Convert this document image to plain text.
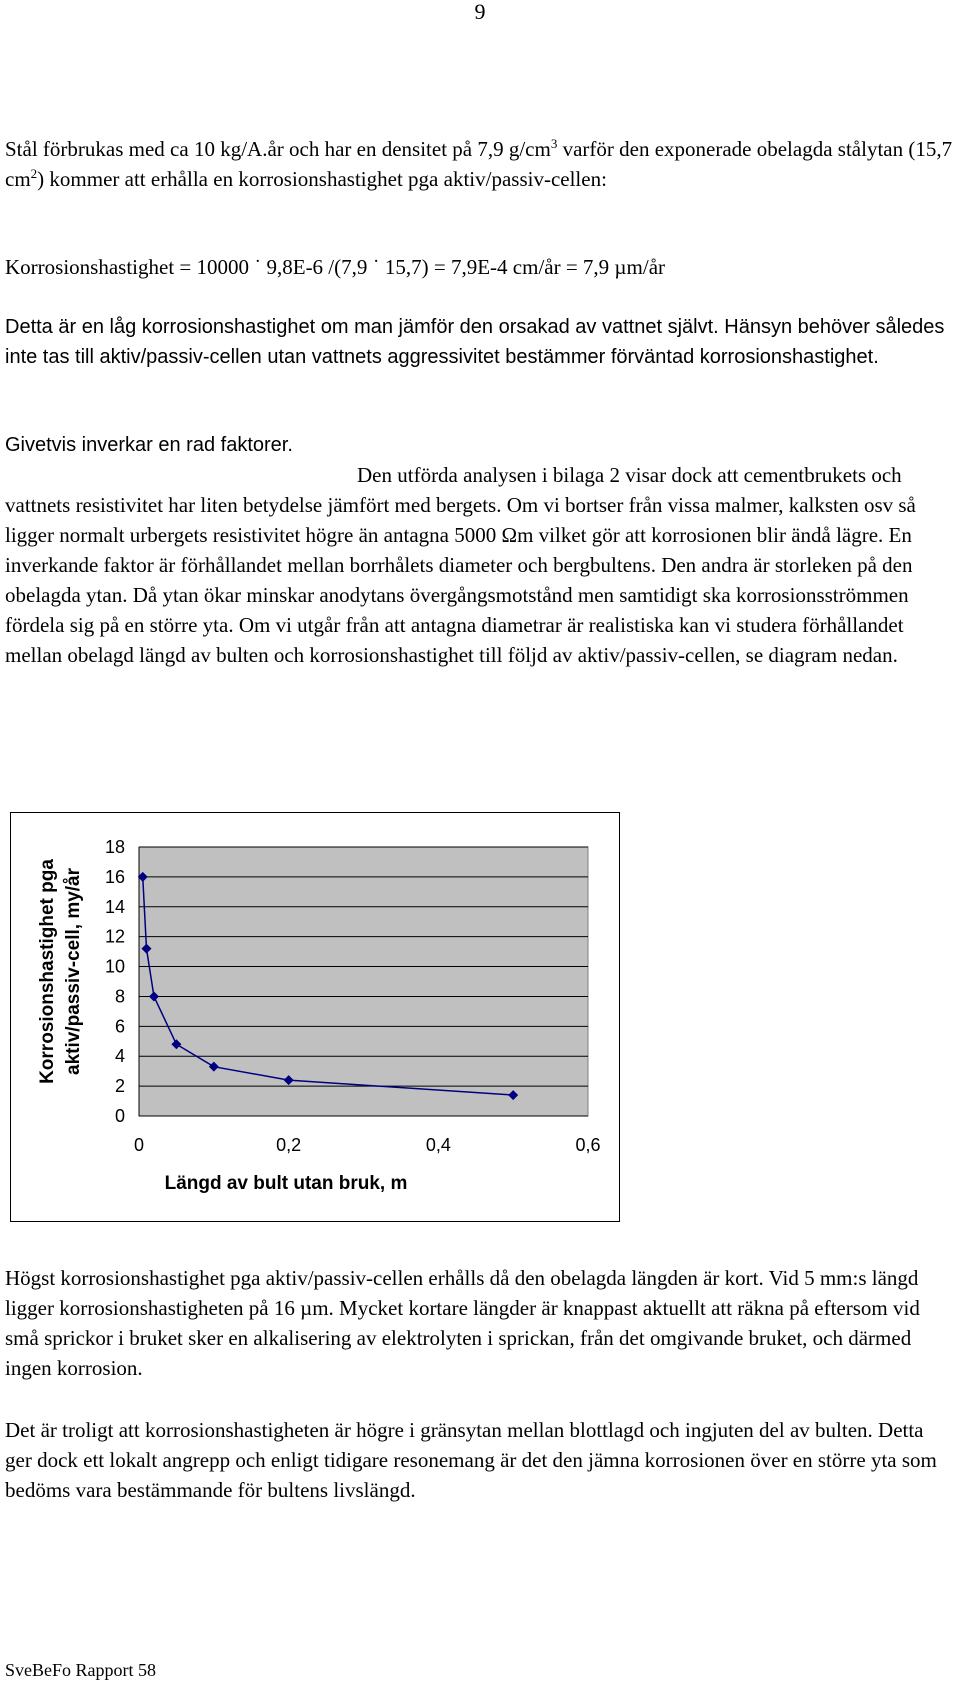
9

Stål förbrukas med ca 10 kg/A.år och har en densitet på 7,9 $g/cm^3$ varför den exponerade obelagda stålytan (15,7 $cm^2$) kommer att erhålla en korrosionshastighet pga aktiv/passiv-cellen:

Korrosionshastighet = 10000 ˙ 9,8E-6 /(7,9 ˙ 15,7) = 7,9E-4 cm/år = 7,9 µm/år

Detta är en låg korrosionshastighet om man jämför den orsakad av vattnet självt. Hänsyn behöver således inte tas till aktiv/passiv-cellen utan vattnets aggressivitet bestämmer förväntad korrosionshastighet.

Givetvis inverkar en rad faktorer.

Den utförda analysen i bilaga 2 visar dock att cementbrukets och vattnets resistivitet har liten betydelse jämfört med bergets. Om vi bortser från vissa malmer, kalksten osv så ligger normalt urbergets resistivitet högre än antagna 5000 Ωm vilket gör att korrosionen blir ändå lägre. En inverkande faktor är förhållandet mellan borrhålets diameter och bergbultens. Den andra är storleken på den obelagda ytan. Då ytan ökar minskar anodytans övergångsmotstånd men samtidigt ska korrosionsströmmen fördela sig på en större yta. Om vi utgår från att antagna diametrar är realistiska kan vi studera förhållandet mellan obelagd längd av bulten och korrosionshastighet till följd av aktiv/passiv-cellen, se diagram nedan.

0
2
4
6
8
10
12
14
16
18
0	0,2	0,4	0,6
Längd av bult utan bruk, m
Korrosionshastighet pga aktiv/passiv-cell, my/år

Högst korrosionshastighet pga aktiv/passiv-cellen erhålls då den obelagda längden är kort. Vid 5 mm:s längd ligger korrosionshastigheten på 16 µm. Mycket kortare längder är knappast aktuellt att räkna på eftersom vid små sprickor i bruket sker en alkalisering av elektrolyten i sprickan, från det omgivande bruket, och därmed ingen korrosion.

Det är troligt att korrosionshastigheten är högre i gränsytan mellan blottlagd och ingjuten del av bulten. Detta ger dock ett lokalt angrepp och enligt tidigare resonemang är det den jämna korrosionen över en större yta som bedöms vara bestämmande för bultens livslängd.

SveBeFo Rapport 58
